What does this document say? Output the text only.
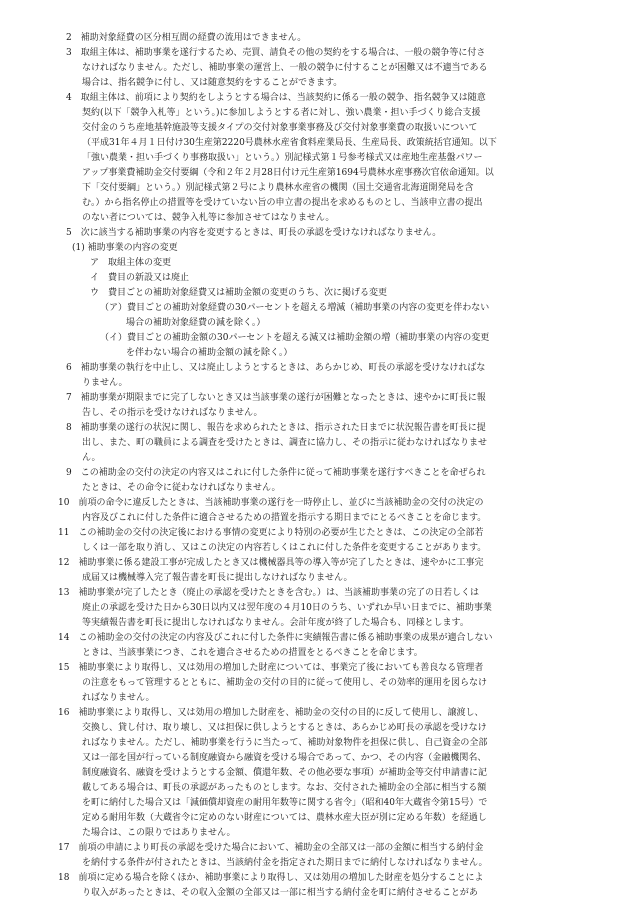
2　補助対象経費の区分相互間の経費の流用はできません。
3　取組主体は、補助事業を遂行するため、売買、請負その他の契約をする場合は、一般の競争等に付さ
なければなりません。ただし、補助事業の運営上、一般の競争に付することが困難又は不適当である
場合は、指名競争に付し、又は随意契約をすることができます。
4　取組主体は、前項により契約をしようとする場合は、当該契約に係る一般の競争、指名競争又は随意
契約(以下「競争入札等」という。)に参加しようとする者に対し、強い農業・担い手づくり総合支援
交付金のうち産地基幹施設等支援タイプの交付対象事業事務及び交付対象事業費の取扱いについて
（平成31年４月１日付け30生産第2220号農林水産省食料産業局長、生産局長、政策統括官通知。以下
「強い農業・担い手づくり事務取扱い」という。）別記様式第１号参考様式又は産地生産基盤パワー
アップ事業費補助金交付要綱（令和２年２月28日付け元生産第1694号農林水産事務次官依命通知。以
下「交付要綱」という。）別記様式第２号により農林水産省の機関（国土交通省北海道開発局を含
む。）から指名停止の措置等を受けていない旨の申立書の提出を求めるものとし、当該申立書の提出
のない者については、競争入札等に参加させてはなりません。
5　次に該当する補助事業の内容を変更するときは、町長の承認を受けなければなりません。
(1) 補助事業の内容の変更
ア　取組主体の変更
イ　費目の新設又は廃止
ウ　費目ごとの補助対象経費又は補助金額の変更のうち、次に掲げる変更
（ア）費目ごとの補助対象経費の30パーセントを超える増減（補助事業の内容の変更を伴わない
場合の補助対象経費の減を除く。）
（イ）費目ごとの補助金額の30パーセントを超える減又は補助金額の増（補助事業の内容の変更
を伴わない場合の補助金額の減を除く。）
6　補助事業の執行を中止し、又は廃止しようとするときは、あらかじめ、町長の承認を受けなければな
りません。
7　補助事業が期限までに完了しないとき又は当該事業の遂行が困難となったときは、速やかに町長に報
告し、その指示を受けなければなりません。
8　補助事業の遂行の状況に関し、報告を求められたときは、指示された日までに状況報告書を町長に提
出し、また、町の職員による調査を受けたときは、調査に協力し、その指示に従わなければなりませ
ん。
9　この補助金の交付の決定の内容又はこれに付した条件に従って補助事業を遂行すべきことを命ぜられ
たときは、その命令に従わなければなりません。
10　前項の命令に違反したときは、当該補助事業の遂行を一時停止し、並びに当該補助金の交付の決定の
内容及びこれに付した条件に適合させるための措置を指示する期日までにとるべきことを命じます。
11　この補助金の交付の決定後における事情の変更により特別の必要が生じたときは、この決定の全部若
しくは一部を取り消し、又はこの決定の内容若しくはこれに付した条件を変更することがあります。
12　補助事業に係る建設工事が完成したとき又は機械器具等の導入等が完了したときは、速やかに工事完
成届又は機械導入完了報告書を町長に提出しなければなりません。
13　補助事業が完了したとき（廃止の承認を受けたときを含む。）は、当該補助事業の完了の日若しくは
廃止の承認を受けた日から30日以内又は翌年度の４月10日のうち、いずれか早い日までに、補助事業
等実績報告書を町長に提出しなければなりません。会計年度が終了した場合も、同様とします。
14　この補助金の交付の決定の内容及びこれに付した条件に実績報告書に係る補助事業の成果が適合しない
ときは、当該事業につき、これを適合させるための措置をとるべきことを命じます。
15　補助事業により取得し、又は効用の増加した財産については、事業完了後においても善良なる管理者
の注意をもって管理するとともに、補助金の交付の目的に従って使用し、その効率的運用を図らなけ
ればなりません。
16　補助事業により取得し、又は効用の増加した財産を、補助金の交付の目的に反して使用し、譲渡し、
交換し、貸し付け、取り壊し、又は担保に供しようとするときは、あらかじめ町長の承認を受けなけ
ればなりません。ただし、補助事業を行うに当たって、補助対象物件を担保に供し、自己資金の全部
又は一部を国が行っている制度融資から融資を受ける場合であって、かつ、その内容（金融機関名、
制度融資名、融資を受けようとする金額、償還年数、その他必要な事項）が補助金等交付申請書に記
載してある場合は、町長の承認があったものとします。なお、交付された補助金の全部に相当する額
を町に納付した場合又は「減価償却資産の耐用年数等に関する省令」（昭和40年大蔵省令第15号）で
定める耐用年数（大蔵省令に定めのない財産については、農林水産大臣が別に定める年数）を経過し
た場合は、この限りではありません。
17　前項の申請により町長の承認を受けた場合において、補助金の全部又は一部の金額に相当する納付金
を納付する条件が付されたときは、当該納付金を指定された期日までに納付しなければなりません。
18　前項に定める場合を除くほか、補助事業により取得し、又は効用の増加した財産を処分することによ
り収入があったときは、その収入金額の全部又は一部に相当する納付金を町に納付させることがあ
